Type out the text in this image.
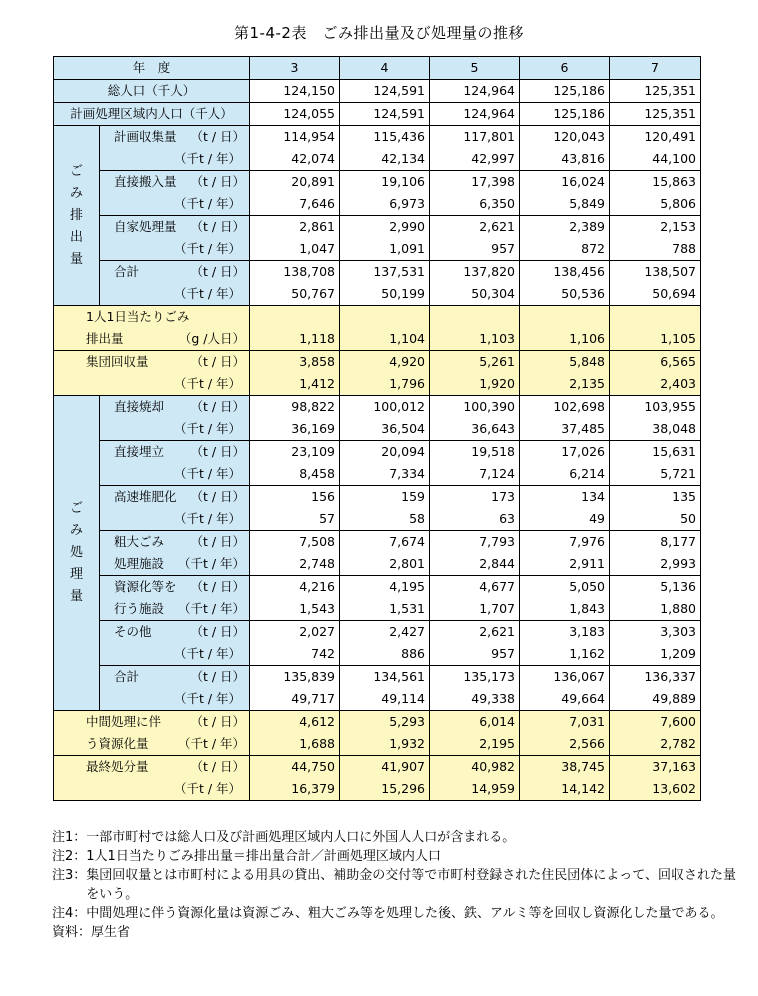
第1-4-2表　ごみ排出量及び処理量の推移
年　度		3	4	5	6	7
総人口（千人）		124,150	124,591	124,964	125,186	125,351
計画処理区域内人口（千人）		124,055	124,591	124,964	125,186	125,351

ご
み
排
出
量	計画収集量 （t / 日）	114,954	115,436	117,801	120,043	120,491

	（千t / 年）	42,074	42,134	42,997	43,816	44,100

	直接搬入量 （t / 日）	20,891	19,106	17,398	16,024	15,863

	（千t / 年）	7,646	6,973	6,350	5,849	5,806

	自家処理量 （t / 日）	2,861	2,990	2,621	2,389	2,153

	（千t / 年）	1,047	1,091	957	872	788

	合計 （t / 日）	138,708	137,531	137,820	138,456	138,507

	（千t / 年）	50,767	50,199	50,304	50,536	50,694

1人1日当たりごみ						

排出量 （g /人日）		1,118	1,104	1,103	1,106	1,105

集団回収量 （t / 日）		3,858	4,920	5,261	5,848	6,565

（千t / 年）		1,412	1,796	1,920	2,135	2,403

ご
み
処
理
量	直接焼却 （t / 日）	98,822	100,012	100,390	102,698	103,955

	（千t / 年）	36,169	36,504	36,643	37,485	38,048

	直接埋立 （t / 日）	23,109	20,094	19,518	17,026	15,631

	（千t / 年）	8,458	7,334	7,124	6,214	5,721

	高速堆肥化 （t / 日）	156	159	173	134	135

	（千t / 年）	57	58	63	49	50

	粗大ごみ （t / 日）	7,508	7,674	7,793	7,976	8,177

	処理施設 （千t / 年）	2,748	2,801	2,844	2,911	2,993

	資源化等を （t / 日）	4,216	4,195	4,677	5,050	5,136

	行う施設 （千t / 年）	1,543	1,531	1,707	1,843	1,880

	その他 （t / 日）	2,027	2,427	2,621	3,183	3,303

	（千t / 年）	742	886	957	1,162	1,209

	合計 （t / 日）	135,839	134,561	135,173	136,067	136,337

	（千t / 年）	49,717	49,114	49,338	49,664	49,889

中間処理に伴 （t / 日）		4,612	5,293	6,014	7,031	7,600

う資源化量 （千t / 年）		1,688	1,932	2,195	2,566	2,782

最終処分量 （t / 日）		44,750	41,907	40,982	38,745	37,163

（千t / 年）		16,379	15,296	14,959	14,142	13,602
注1： 一部市町村では総人口及び計画処理区域内人口に外国人人口が含まれる。
注2： 1人1日当たりごみ排出量＝排出量合計／計画処理区域内人口
注3： 集団回収量とは市町村による用具の貸出、補助金の交付等で市町村登録された住民団体によって、回収された量をいう。
注4： 中間処理に伴う資源化量は資源ごみ、粗大ごみ等を処理した後、鉄、アルミ等を回収し資源化した量である。
資料： 厚生省
